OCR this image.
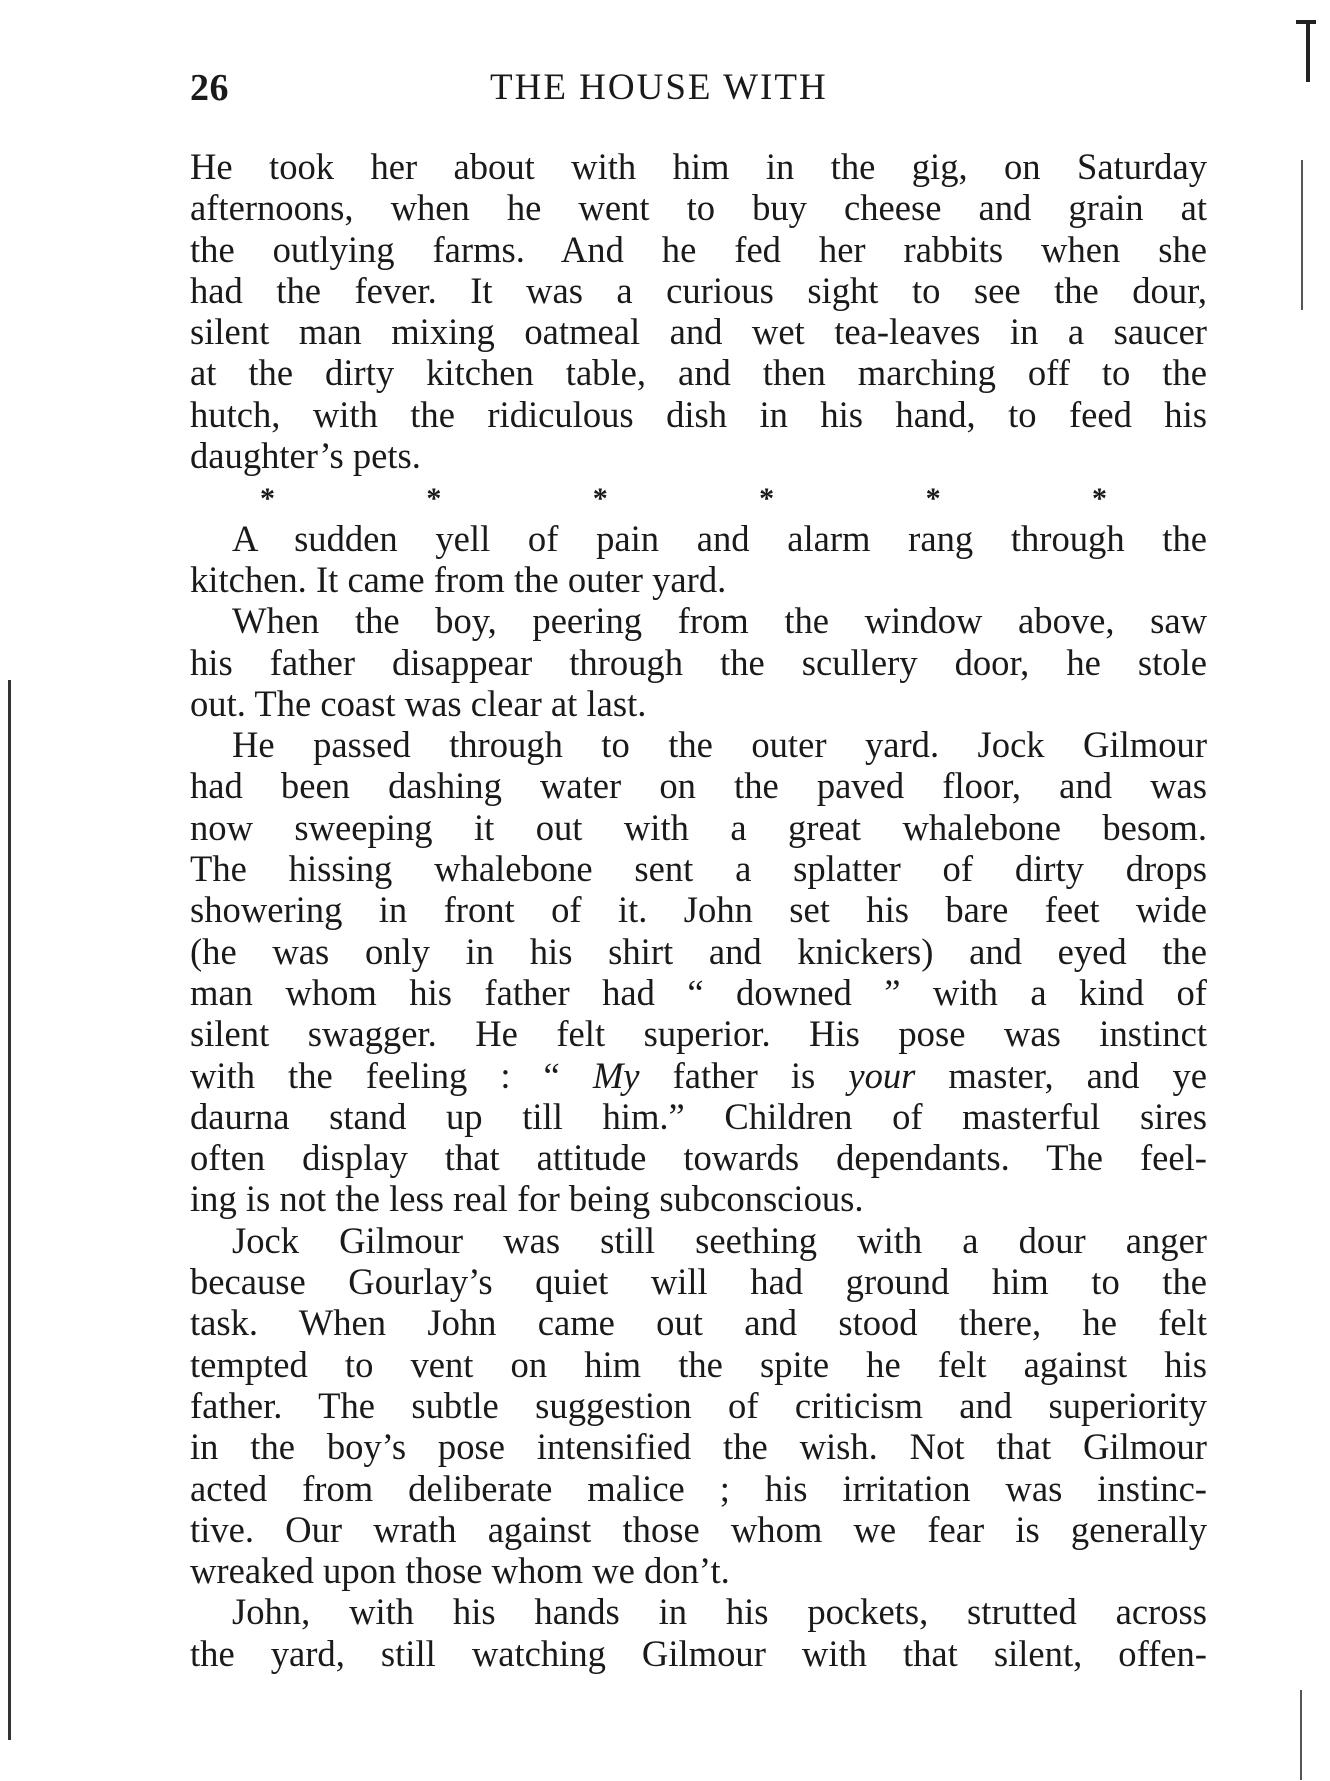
26	THE HOUSE WITH
He took her about with him in the gig, on Saturday
afternoons, when he went to buy cheese and grain at
the outlying farms. And he fed her rabbits when she
had the fever. It was a curious sight to see the dour,
silent man mixing oatmeal and wet tea-leaves in a saucer
at the dirty kitchen table, and then marching off to the
hutch, with the ridiculous dish in his hand, to feed his
daughter’s pets.
*	*	*	*	*	*
A sudden yell of pain and alarm rang through the
kitchen. It came from the outer yard.
When the boy, peering from the window above, saw
his father disappear through the scullery door, he stole
out. The coast was clear at last.
He passed through to the outer yard. Jock Gilmour
had been dashing water on the paved floor, and was
now sweeping it out with a great whalebone besom.
The hissing whalebone sent a splatter of dirty drops
showering in front of it. John set his bare feet wide
(he was only in his shirt and knickers) and eyed the
man whom his father had “ downed ” with a kind of
silent swagger. He felt superior. His pose was instinct
with the feeling : “ My father is your master, and ye
daurna stand up till him.” Children of masterful sires
often display that attitude towards dependants. The feel-
ing is not the less real for being subconscious.
Jock Gilmour was still seething with a dour anger
because Gourlay’s quiet will had ground him to the
task. When John came out and stood there, he felt
tempted to vent on him the spite he felt against his
father. The subtle suggestion of criticism and superiority
in the boy’s pose intensified the wish. Not that Gilmour
acted from deliberate malice ; his irritation was instinc-
tive. Our wrath against those whom we fear is generally
wreaked upon those whom we don’t.
John, with his hands in his pockets, strutted across
the yard, still watching Gilmour with that silent, offen-
